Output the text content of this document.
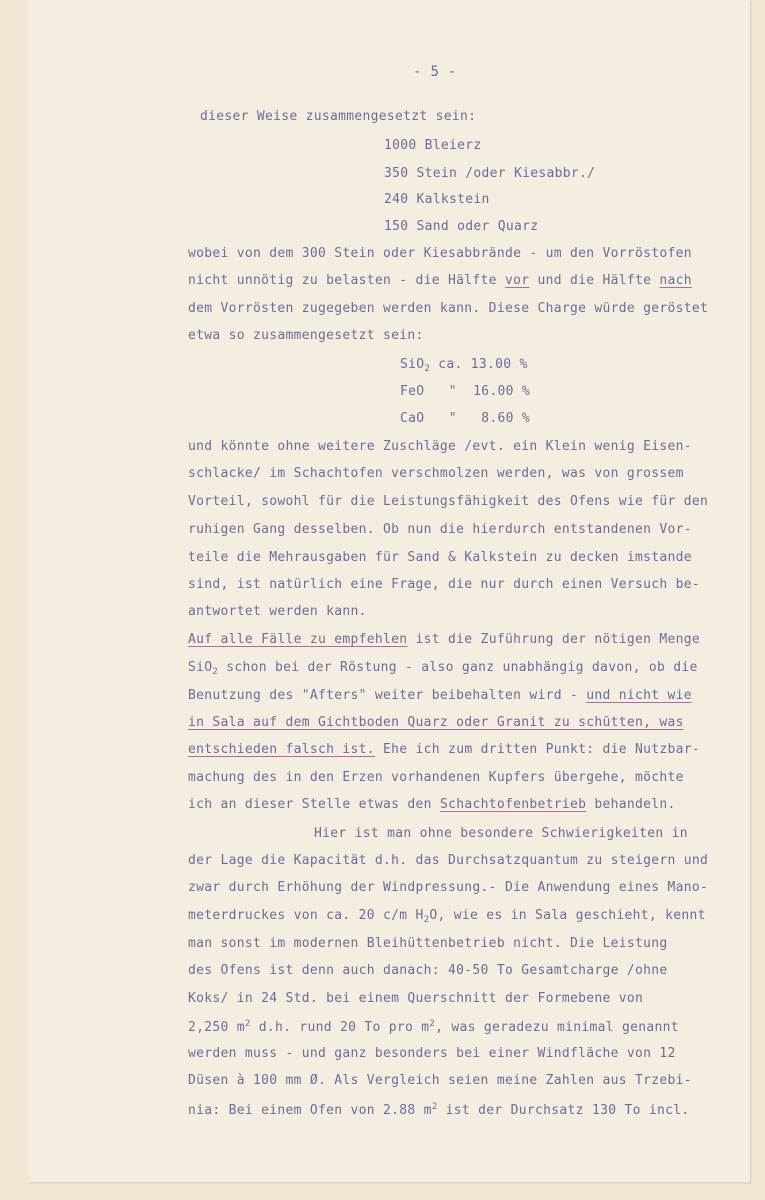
- 5 -
dieser Weise zusammengesetzt sein:
1000 Bleierz
350 Stein /oder Kiesabbr./
240 Kalkstein
150 Sand oder Quarz
wobei von dem 300 Stein oder Kiesabbrände - um den Vorröstofen
nicht unnötig zu belasten - die Hälfte vor und die Hälfte nach
dem Vorrösten zugegeben werden kann. Diese Charge würde geröstet
etwa so zusammengesetzt sein:
SiO$_2$ ca. 13.00 %
FeO   "  16.00 %
CaO   "   8.60 %
und könnte ohne weitere Zuschläge /evt. ein Klein wenig Eisen-
schlacke/ im Schachtofen verschmolzen werden, was von grossem
Vorteil, sowohl für die Leistungsfähigkeit des Ofens wie für den
ruhigen Gang desselben. Ob nun die hierdurch entstandenen Vor-
teile die Mehrausgaben für Sand & Kalkstein zu decken imstande
sind, ist natürlich eine Frage, die nur durch einen Versuch be-
antwortet werden kann.
Auf alle Fälle zu empfehlen ist die Zuführung der nötigen Menge
SiO$_2$ schon bei der Röstung - also ganz unabhängig davon, ob die
Benutzung des "Afters" weiter beibehalten wird - und nicht wie
in Sala auf dem Gichtboden Quarz oder Granit zu schütten, was
entschieden falsch ist. Ehe ich zum dritten Punkt: die Nutzbar-
machung des in den Erzen vorhandenen Kupfers übergehe, möchte
ich an dieser Stelle etwas den Schachtofenbetrieb behandeln.
Hier ist man ohne besondere Schwierigkeiten in
der Lage die Kapacität d.h. das Durchsatzquantum zu steigern und
zwar durch Erhöhung der Windpressung.- Die Anwendung eines Mano-
meterdruckes von ca. 20 c/m $H_2O$, wie es in Sala geschieht, kennt
man sonst im modernen Bleihüttenbetrieb nicht. Die Leistung
des Ofens ist denn auch danach: 40-50 To Gesamtcharge /ohne
Koks/ in 24 Std. bei einem Querschnitt der Formebene von
2,250 $m^2$ d.h. rund 20 To pro $m^2$, was geradezu minimal genannt
werden muss - und ganz besonders bei einer Windfläche von 12
Düsen à 100 mm Ø. Als Vergleich seien meine Zahlen aus Trzebi-
nia: Bei einem Ofen von 2.88 $m^2$ ist der Durchsatz 130 To incl.
